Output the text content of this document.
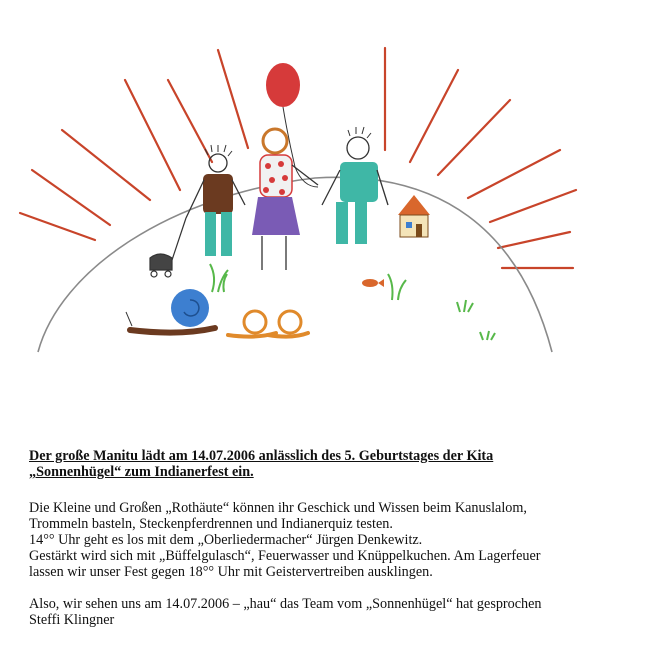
Der große Manitu lädt am 14.07.2006 anlässlich des 5. Geburtstages der Kita
„Sonnenhügel“ zum Indianerfest ein.

Die Kleine und Großen „Rothäute“ können ihr Geschick und Wissen beim Kanuslalom,
Trommeln basteln, Steckenpferdrennen und Indianerquiz testen.
14°° Uhr geht es los mit dem „Oberliedermacher“ Jürgen Denkewitz.
Gestärkt wird sich mit „Büffelgulasch“, Feuerwasser und Knüppelkuchen. Am Lagerfeuer
lassen wir unser Fest gegen 18°° Uhr mit Geistervertreiben ausklingen.
Also, wir sehen uns am 14.07.2006 – „hau“ das Team vom „Sonnenhügel“ hat gesprochen
Steffi Klingner
